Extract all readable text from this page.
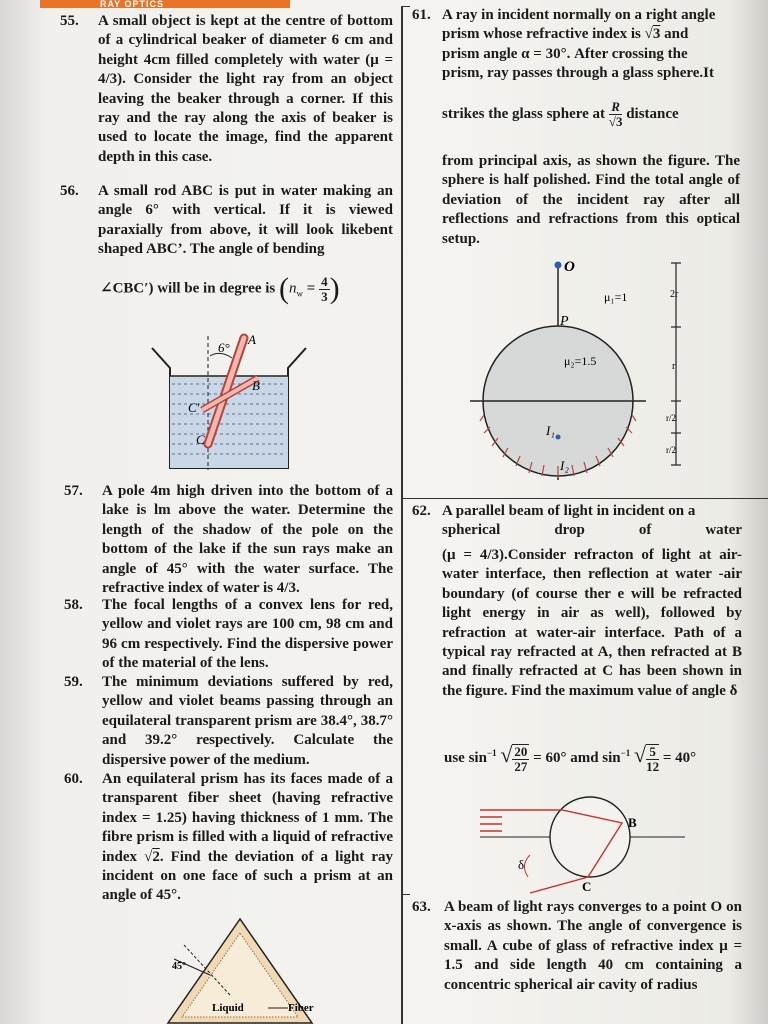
RAY OPTICS
55. A small object is kept at the centre of bottom of a cylindrical beaker of diameter 6 cm and height 4cm filled completely with water (μ = 4/3). Consider the light ray from an object leaving the beaker through a corner. If this ray and the ray along the axis of beaker is used to locate the image, find the apparent depth in this case.
56. A small rod ABC is put in water making an angle 6° with vertical. If it is viewed paraxially from above, it will look likebent shaped ABC’. The angle of bending
∠CBC′) will be in degree is ($n_w = \frac{4}{3}$ )
6°
A
B
C′
C
57. A pole 4m high driven into the bottom of a lake is lm above the water. Determine the length of the shadow of the pole on the bottom of the lake if the sun rays make an angle of 45° with the water surface. The refractive index of water is 4/3.
58. The focal lengths of a convex lens for red, yellow and violet rays are 100 cm, 98 cm and 96 cm respectively. Find the dispersive power of the material of the lens.
59. The minimum deviations suffered by red, yellow and violet beams passing through an equilateral transparent prism are 38.4°, 38.7° and 39.2° respectively. Calculate the dispersive power of the medium.
60. An equilateral prism has its faces made of a transparent fiber sheet (having refractive index = 1.25) having thickness of 1 mm. The fibre prism is filled with a liquid of refractive index √2. Find the deviation of a light ray incident on one face of such a prism at an angle of 45°.
45°
Liquid	Fiber
61. A ray in incident normally on a right angle
prism whose refractive index is √3 and
prism angle α = 30°. After crossing the
prism, ray passes through a glass sphere.It
strikes the glass sphere at $\frac{R}{√3}$ distance
from principal axis, as shown the figure. The sphere is half polished. Find the total angle of deviation of the incident ray after all reflections and refractions from this optical setup.
O
P
μ₂=1.5
μ₁=1
I₁
I₂
2r
r
r/2
r/2
62. A parallel beam of light in incident on a

spherical drop of water
(μ = 4/3).Consider refracton of light at air-water interface, then reflection at water -air boundary (of course ther e will be refracted light energy in air as well), followed by refraction at water-air interface. Path of a typical ray refracted at A, then refracted at B and finally refracted at C has been shown in the figure. Find the maximum value of angle δ
use $\sin^{-1}$ √ $\frac{20}{27} = 60^\circ$ amd $\sin^{-1}$ √ $\frac{5}{12} = 40^\circ$
B
C
δ
63. A beam of light rays converges to a point O on x-axis as shown. The angle of convergence is small. A cube of glass of refractive index μ = 1.5 and side length 40 cm containing a concentric spherical air cavity of radius
